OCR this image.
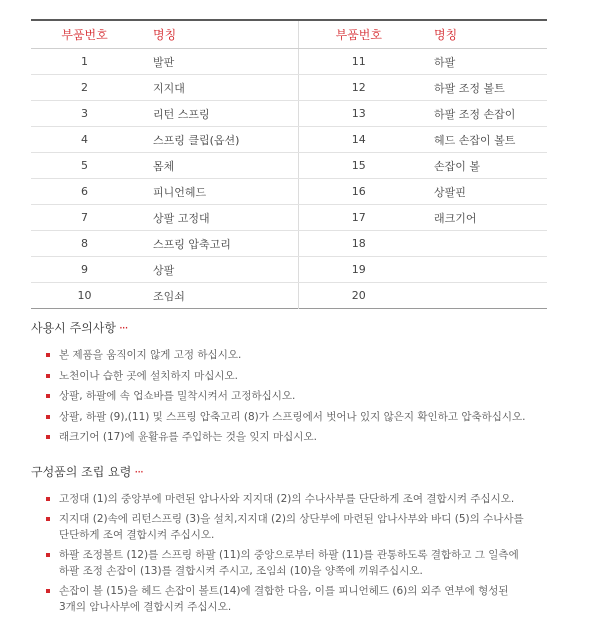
부품번호	명칭	부품번호	명칭
1	발판	11	하팔
2	지지대	12	하팔 조정 볼트
3	리턴 스프링	13	하팔 조정 손잡이
4	스프링 클립(옵션)	14	헤드 손잡이 볼트
5	몸체	15	손잡이 볼
6	피니언헤드	16	상팔핀
7	상팔 고정대	17	래크기어
8	스프링 압축고리	18	
9	상팔	19	
10	조임쇠	20	
사용시 주의사항 ···
본 제품을 움직이지 않게 고정 하십시오.
노천이나 습한 곳에 설치하지 마십시오.
상팔, 하팔에 속 업쇼바를 밀착시켜서 고정하십시오.
상팔, 하팔 (9),(11) 및 스프링 압축고리 (8)가 스프링에서 벗어나 있지 않은지 확인하고 압축하십시오.
래크기어 (17)에 윤활유를 주입하는 것을 잊지 마십시오.
구성품의 조립 요령 ···
고정대 (1)의 중앙부에 마련된 암나사와 지지대 (2)의 수나사부를 단단하게 조여 결합시켜 주십시오.
지지대 (2)속에 리턴스프링 (3)을 설치,지지대 (2)의 상단부에 마련된 암나사부와 바디 (5)의 수나사를
단단하게 조여 결합시켜 주십시오.
하팔 조정볼트 (12)를 스프링 하팔 (11)의 중앙으로부터 하팔 (11)를 관통하도록 결합하고 그 일측에
하팔 조정 손잡이 (13)를 결합시켜 주시고, 조임쇠 (10)을 양쪽에 끼워주십시오.
손잡이 볼 (15)을 헤드 손잡이 볼트(14)에 결합한 다음, 이를 피니언헤드 (6)의 외주 연부에 형성된
3개의 암나사부에 결합시켜 주십시오.
